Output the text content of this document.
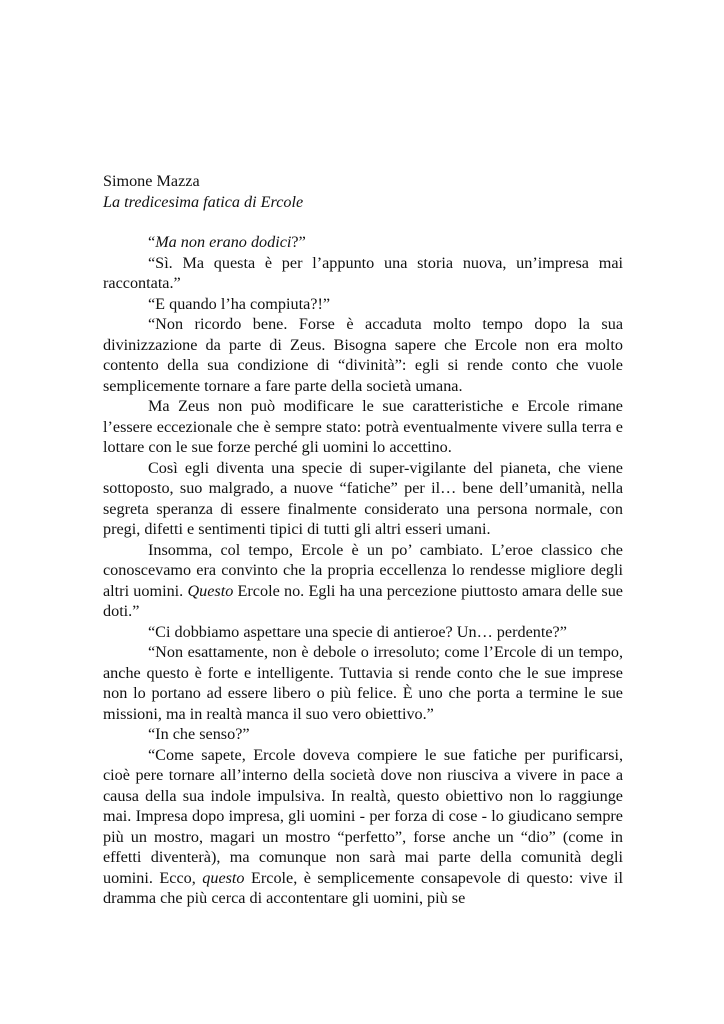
Simone Mazza
La tredicesima fatica di Ercole

“Ma non erano dodici?”

“Sì. Ma questa è per l’appunto una storia nuova, un’impresa mai raccontata.”

“E quando l’ha compiuta?!”

“Non ricordo bene. Forse è accaduta molto tempo dopo la sua divinizzazione da parte di Zeus. Bisogna sapere che Ercole non era molto contento della sua condizione di “divinità”: egli si rende conto che vuole semplicemente tornare a fare parte della società umana.

Ma Zeus non può modificare le sue caratteristiche e Ercole rimane l’essere eccezionale che è sempre stato: potrà eventualmente vivere sulla terra e lottare con le sue forze perché gli uomini lo accettino.

Così egli diventa una specie di super-vigilante del pianeta, che viene sottoposto, suo malgrado, a nuove “fatiche” per il… bene dell’umanità, nella segreta speranza di essere finalmente considerato una persona normale, con pregi, difetti e sentimenti tipici di tutti gli altri esseri umani.

Insomma, col tempo, Ercole è un po’ cambiato. L’eroe classico che conoscevamo era convinto che la propria eccellenza lo rendesse migliore degli altri uomini. Questo Ercole no. Egli ha una percezione piuttosto amara delle sue doti.”

“Ci dobbiamo aspettare una specie di antieroe? Un… perdente?”

“Non esattamente, non è debole o irresoluto; come l’Ercole di un tempo, anche questo è forte e intelligente. Tuttavia si rende conto che le sue imprese non lo portano ad essere libero o più felice. È uno che porta a termine le sue missioni, ma in realtà manca il suo vero obiettivo.”

“In che senso?”

“Come sapete, Ercole doveva compiere le sue fatiche per purificarsi, cioè pere tornare all’interno della società dove non riusciva a vivere in pace a causa della sua indole impulsiva. In realtà, questo obiettivo non lo raggiunge mai. Impresa dopo impresa, gli uomini - per forza di cose - lo giudicano sempre più un mostro, magari un mostro “perfetto”, forse anche un “dio” (come in effetti diventerà), ma comunque non sarà mai parte della comunità degli uomini. Ecco, questo Ercole, è semplicemente consapevole di questo: vive il dramma che più cerca di accontentare gli uomini, più se
